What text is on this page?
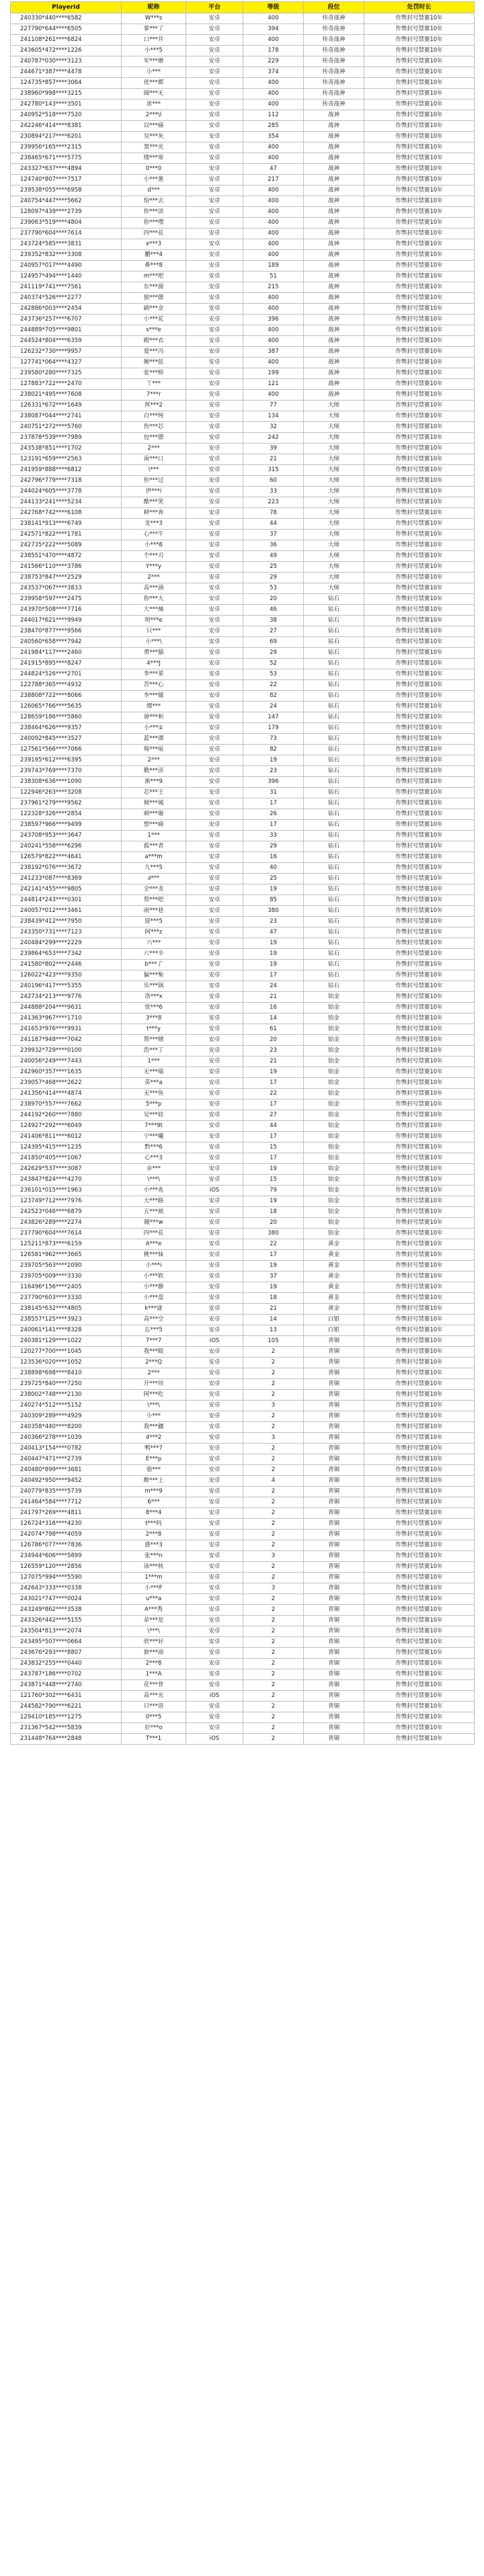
PlayerId	昵称	平台	等级	段位	处罚时长
240330*440****6582	W***s	安卓	400	传奇战神	作弊封号禁赛10年
227790*644****6505	掌***了	安卓	394	传奇战神	作弊封号禁赛10年
241108*261****6824	口***井	安卓	400	传奇战神	作弊封号禁赛10年
243605*472****1226	小***5	安卓	178	传奇战神	作弊封号禁赛10年
240787*030****3123	军***磨	安卓	229	传奇战神	作弊封号禁赛10年
244671*387****4478	小***	安卓	374	传奇战神	作弊封号禁赛10年
124735*857****3064	优***都	安卓	400	传奇战神	作弊封号禁赛10年
238960*998****3215	阔***无	安卓	400	传奇战神	作弊封号禁赛10年
242780*143****3501	浓***	安卓	400	传奇战神	作弊封号禁赛10年
240952*518****7520	2***\l	安卓	112	战神	作弊封号禁赛10年
242246*414****8381	以***痛	安卓	285	战神	作弊封号禁赛10年
230894*217****6201	吴***灰	安卓	354	战神	作弊封号禁赛10年
239956*165****2315	黑***光	安卓	400	战神	作弊封号禁赛10年
238465*671****5775	缕***寒	安卓	400	战神	作弊封号禁赛10年
243327*637****4894	0***0	安卓	47	战神	作弊封号禁赛10年
124740*807****7517	小***葱	安卓	217	战神	作弊封号禁赛10年
239538*055****6958	d***	安卓	400	战神	作弊封号禁赛10年
240754*447****5662	恰***去	安卓	400	战神	作弊封号禁赛10年
128097*439****2739	你***淡	安卓	400	战神	作弊封号禁赛10年
239063*519****4804	你***嘿	安卓	400	战神	作弊封号禁赛10年
237790*604****7614	四***花	安卓	400	战神	作弊封号禁赛10年
243724*585****3831	x***3	安卓	400	战神	作弊封号禁赛10年
239352*832****3308	鹏***4	安卓	400	战神	作弊封号禁赛10年
240957*017****4490	鼻***8	安卓	189	战神	作弊封号禁赛10年
124957*494****1440	m***吧	安卓	51	战神	作弊封号禁赛10年
241119*741****7561	东***菌	安卓	215	战神	作弊封号禁赛10年
240374*526****2277	独***德	安卓	400	战神	作弊封号禁赛10年
242886*003****2454	刷***金	安卓	400	战神	作弊封号禁赛10年
243736*257****6707	小***花	安卓	396	战神	作弊封号禁赛10年
244889*705****9801	s***e	安卓	400	战神	作弊封号禁赛10年
244524*804****6359	殿***衣	安卓	400	战神	作弊封号禁赛10年
126232*730****9957	爱***冯	安卓	387	战神	作弊封号禁赛10年
127741*064****4327	婉***弦	安卓	400	战神	作弊封号禁赛10年
239580*280****7325	张***桥	安卓	199	战神	作弊封号禁赛10年
127883*722****2470	丫***	安卓	121	战神	作弊封号禁赛10年
238021*495****7608	7***r	安卓	400	战神	作弊封号禁赛10年
126331*672****1649	挥***2	安卓	77	大师	作弊封号禁赛10年
238087*044****2741	白***纯	安卓	134	大师	作弊封号禁赛10年
240751*272****5760	伤***芯	安卓	32	大师	作弊封号禁赛10年
237878*539****7989	包***德	安卓	242	大师	作弊封号禁赛10年
243538*851****1702	2***	安卓	39	大师	作弊封号禁赛10年
123191*659****2563	南***口	安卓	21	大师	作弊封号禁赛10年
241959*888****6812	\***	安卓	315	大师	作弊封号禁赛10年
242796*779****7318	你***过	安卓	60	大师	作弊封号禁赛10年
244024*605****3778	伊***i	安卓	33	大师	作弊封号禁赛10年
244133*241****5234	酷***笑	安卓	223	大师	作弊封号禁赛10年
242768*742****6108	释***奔	安卓	78	大师	作弊封号禁赛10年
238141*913****6749	龙***3	安卓	44	大师	作弊封号禁赛10年
242571*822****1781	心***牛	安卓	37	大师	作弊封号禁赛10年
242735*222****5089	小***8	安卓	36	大师	作弊封号禁赛10年
238551*470****4872	个***刃	安卓	49	大师	作弊封号禁赛10年
241566*110****3786	Y***y	安卓	25	大师	作弊封号禁赛10年
238753*847****2529	2***	安卓	29	大师	作弊封号禁赛10年
243537*067****3833	高***滴	安卓	53	大师	作弊封号禁赛10年
239958*597****2475	你***大	安卓	20	钻石	作弊封号禁赛10年
243970*508****7716	大***辣	安卓	46	钻石	作弊封号禁赛10年
244017*621****9949	明***e	安卓	38	钻石	作弊封号禁赛10年
238470*877****9566	只***	安卓	27	钻石	作弊封号禁赛10年
240560*658****7942	小***\	安卓	69	钻石	作弊封号禁赛10年
241984*117****2460	勇***猫	安卓	29	钻石	作弊封号禁赛10年
241915*895****8247	4***J	安卓	52	钻石	作弊封号禁赛10年
244824*526****2701	李***菜	安卓	53	钻石	作弊封号禁赛10年
122788*365****4932	苦***心	安卓	22	钻石	作弊封号禁赛10年
238808*722****8066	李***媛	安卓	82	钻石	作弊封号禁赛10年
126065*766****5635	缥***	安卓	24	钻石	作弊封号禁赛10年
128659*186****5860	唐***和	安卓	147	钻石	作弊封号禁赛10年
238464*626****9357	小***①	安卓	179	钻石	作弊封号禁赛10年
240092*845****3527	蓝***谭	安卓	73	钻石	作弊封号禁赛10年
127561*566****7066	殇***痕	安卓	82	钻石	作弊封号禁赛10年
239195*612****6395	2***	安卓	19	钻石	作弊封号禁赛10年
239743*769****7370	勤***淳	安卓	23	钻石	作弊封号禁赛10年
238308*636****1090	渐***9	安卓	396	钻石	作弊封号禁赛10年
122946*263****3208	芯***王	安卓	31	钻石	作弊封号禁赛10年
237961*279****9562	倾***城	安卓	17	钻石	作弊封号禁赛10年
122328*326****2854	刺***谢	安卓	26	钻石	作弊封号禁赛10年
238597*966****9499	想***痛	安卓	17	钻石	作弊封号禁赛10年
243708*953****3647	1***	安卓	33	钻石	作弊封号禁赛10年
240241*558****6296	孤***者	安卓	29	钻石	作弊封号禁赛10年
126579*822****4641	a***m	安卓	16	钻石	作弊封号禁赛10年
238192*076****3672	九***5	安卓	40	钻石	作弊封号禁赛10年
241233*087****8369	∂***	安卓	25	钻石	作弊封号禁赛10年
242141*455****9805	全***龙	安卓	19	钻石	作弊封号禁赛10年
244814*243****0301	帮***吧	安卓	85	钻石	作弊封号禁赛10年
240057*012****3461	雨***巷	安卓	380	钻石	作弊封号禁赛10年
238439*412****7950	迎***5	安卓	23	钻石	作弊封号禁赛10年
243350*731****7123	阿***z	安卓	47	钻石	作弊封号禁赛10年
240484*299****2229	六***	安卓	19	钻石	作弊封号禁赛10年
239864*653****7342	六***辛	安卓	19	钻石	作弊封号禁赛10年
241580*802****2446	b***了	安卓	19	钻石	作弊封号禁赛10年
126022*423****9350	偏***柴	安卓	17	钻石	作弊封号禁赛10年
240196*417****5355	乐***锅	安卓	24	钻石	作弊封号禁赛10年
242734*213****9776	洛***x	安卓	21	铂金	作弊封号禁赛10年
244888*204****9631	忧***6	安卓	16	铂金	作弊封号禁赛10年
241363*967****1710	3***8	安卓	14	铂金	作弊封号禁赛10年
241653*976****9931	t***y	安卓	61	铂金	作弊封号禁赛10年
241187*948****7042	帮***赌	安卓	20	铂金	作弊封号禁赛10年
239932*729****0100	浩***丁	安卓	23	铂金	作弊封号禁赛10年
240056*249****7443	1***	安卓	21	铂金	作弊封号禁赛10年
242960*357****1635	无***喵	安卓	19	铂金	作弊封号禁赛10年
239057*468****2622	苗***a	安卓	17	铂金	作弊封号禁赛10年
241356*414****4874	无***鱼	安卓	22	铂金	作弊封号禁赛10年
238970*557****7662	5***p	安卓	17	铂金	作弊封号禁赛10年
244192*260****7880	吴***娃	安卓	27	铂金	作弊封号禁赛10年
124927*292****6049	7***9t	安卓	44	铂金	作弊封号禁赛10年
241406*811****6012	宁***曦	安卓	17	铂金	作弊封号禁赛10年
124395*415****1235	黔***6	安卓	15	铂金	作弊封号禁赛10年
241850*405****1067	心***3	安卓	17	铂金	作弊封号禁赛10年
242629*537****3087	亲***	安卓	19	铂金	作弊封号禁赛10年
243847*824****4270	\***\	安卓	15	铂金	作弊封号禁赛10年
236101*015****1963	小***兆	iOS	79	铂金	作弊封号禁赛10年
123749*712****7976	大***路	安卓	19	铂金	作弊封号禁赛10年
242523*046****6879	五***被	安卓	18	铂金	作弊封号禁赛10年
243826*289****2274	随***w	安卓	20	铂金	作弊封号禁赛10年
237790*604****7614	四***花	安卓	380	铂金	作弊封号禁赛10年
125211*873****6159	A***e	安卓	22	黄金	作弊封号禁赛10年
126581*962****3665	桃***妹	安卓	17	黄金	作弊封号禁赛10年
239705*563****2090	小***i	安卓	19	黄金	作弊封号禁赛10年
239705*009****3330	小***软	安卓	37	黄金	作弊封号禁赛10年
116496*156****2405	小***静	安卓	19	黄金	作弊封号禁赛10年
237790*603****3330	小***盘	安卓	18	黄金	作弊封号禁赛10年
238145*632****4805	k***谜	安卓	21	黄金	作弊封号禁赛10年
238557*125****3923	高***空	安卓	14	白银	作弊封号禁赛10年
240061*141****8328	忘***5	安卓	13	白银	作弊封号禁赛10年
240381*129****1022	7***7	iOS	105	青铜	作弊封号禁赛10年
120277*700****1045	我***眼	安卓	2	青铜	作弊封号禁赛10年
123536*020****1052	2***Q	安卓	2	青铜	作弊封号禁赛10年
238898*698****8410	2***	安卓	2	青铜	作弊封号禁赛10年
239725*840****7250	开***珍	安卓	2	青铜	作弊封号禁赛10年
238002*748****2130	阿***吃	安卓	2	青铜	作弊封号禁赛10年
240274*512****5152	\***\	安卓	3	青铜	作弊封号禁赛10年
240309*289****4929	小***	安卓	2	青铜	作弊封号禁赛10年
240358*440****8200	我***疆	安卓	2	青铜	作弊封号禁赛10年
240366*278****1039	4***2	安卓	3	青铜	作弊封号禁赛10年
240413*154****0782	鸭***7	安卓	2	青铜	作弊封号禁赛10年
240447*471****2739	E***p	安卓	2	青铜	作弊封号禁赛10年
240480*899****3681	骆***	安卓	2	青铜	作弊封号禁赛10年
240492*950****9452	醉***上	安卓	4	青铜	作弊封号禁赛10年
240779*835****5739	m***9	安卓	2	青铜	作弊封号禁赛10年
241464*584****7712	6***	安卓	2	青铜	作弊封号禁赛10年
241797*269****4811	8***4	安卓	2	青铜	作弊封号禁赛10年
126724*316****4230	t***吗	安卓	2	青铜	作弊封号禁赛10年
242074*798****4059	2***8	安卓	2	青铜	作弊封号禁赛10年
126786*077****7836	感***3	安卓	2	青铜	作弊封号禁赛10年
234944*606****5899	张***n	安卓	3	青铜	作弊封号禁赛10年
126559*120****2856	泳***秋	安卓	2	青铜	作弊封号禁赛10年
127075*994****5590	1***m	安卓	2	青铜	作弊封号禁赛10年
242643*333****0338	小***F	安卓	3	青铜	作弊封号禁赛10年
243021*747****0024	u***a	安卓	2	青铜	作弊封号禁赛10年
243249*862****3538	A***秀	安卓	2	青铜	作弊封号禁赛10年
243326*442****5155	朵***是	安卓	2	青铜	作弊封号禁赛10年
243504*813****2074	\***\	安卓	2	青铜	作弊封号禁赛10年
243495*507****0664	欣***好	安卓	2	青铜	作弊封号禁赛10年
243676*293****8807	旅***雨	安卓	2	青铜	作弊封号禁赛10年
243832*255****0440	2***8	安卓	2	青铜	作弊封号禁赛10年
243787*186****0702	1***A	安卓	2	青铜	作弊封号禁赛10年
243871*448****2740	花***骨	安卓	2	青铜	作弊封号禁赛10年
121760*302****6431	高***光	iOS	2	青铜	作弊封号禁赛10年
244582*790****6221	只***语	安卓	2	青铜	作弊封号禁赛10年
129410*185****1275	0***5	安卓	2	青铜	作弊封号禁赛10年
231367*542****5839	好***o	安卓	2	青铜	作弊封号禁赛10年
231448*764****2848	T***1	iOS	2	青铜	作弊封号禁赛10年
